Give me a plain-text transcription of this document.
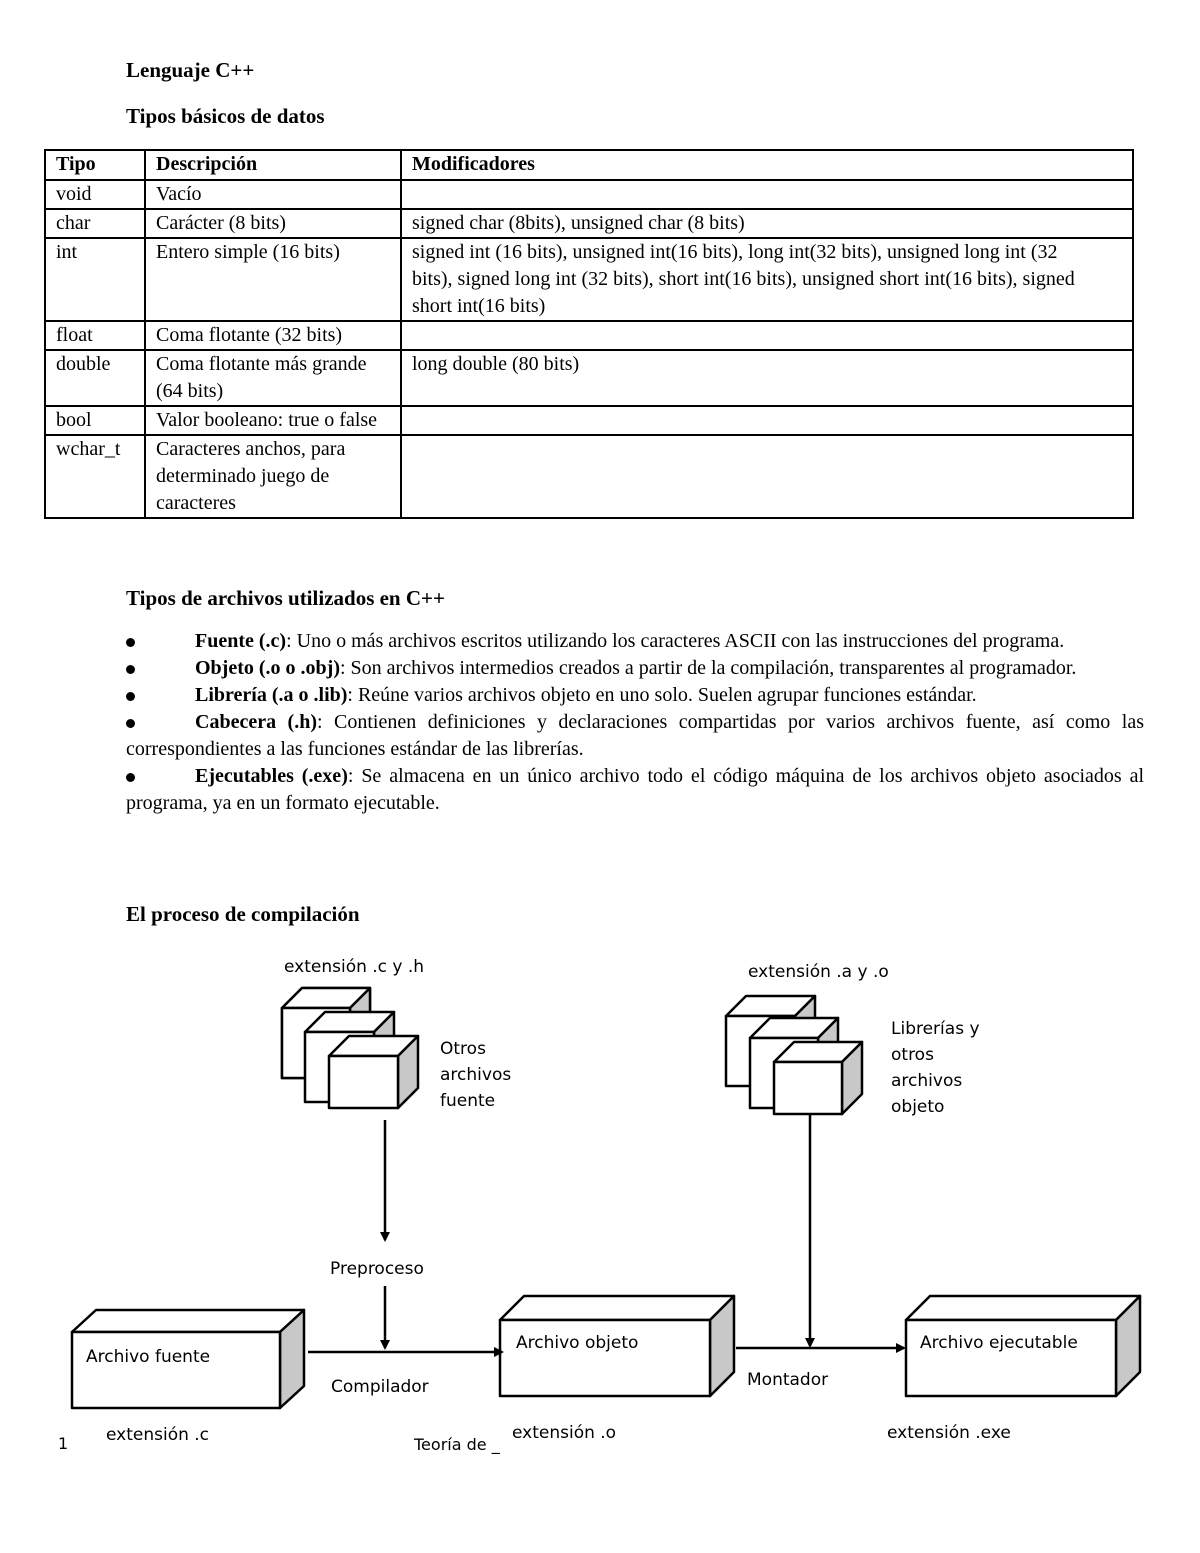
Lenguaje C++
Tipos básicos de datos
Tipo	Descripción	Modificadores
void	Vacío	
char	Carácter (8 bits)	signed char (8bits), unsigned char (8 bits)
int	Entero simple (16 bits)	signed int (16 bits), unsigned int(16 bits), long int(32 bits), unsigned long int (32 bits), signed long int (32 bits), short int(16 bits), unsigned short int(16 bits), signed short int(16 bits)
float	Coma flotante (32 bits)	
double	Coma flotante más grande (64 bits)	long double (80 bits)
bool	Valor booleano: true o false	
wchar_t	Caracteres anchos, para determinado juego de caracteres	
Tipos de archivos utilizados en C++
Fuente (.c): Uno o más archivos escritos utilizando los caracteres ASCII con las instrucciones del programa.
Objeto (.o o .obj): Son archivos intermedios creados a partir de la compilación, transparentes al programador.
Librería (.a o .lib): Reúne varios archivos objeto en uno solo. Suelen agrupar funciones estándar.
Cabecera (.h): Contienen definiciones y declaraciones compartidas por varios archivos fuente, así como las correspondientes a las funciones estándar de las librerías.
Ejecutables (.exe): Se almacena en un único archivo todo el código máquina de los archivos objeto asociados al programa, ya en un formato ejecutable.
El proceso de compilación
extensión .c y .h
Otros archivos fuente
extensión .a y .o
Librerías y otros archivos objeto
Preproceso
Archivo fuente
Compilador
Archivo objeto
Montador
Archivo ejecutable
extensión .c	extensión .o	extensión .exe
1	Teoría de _
